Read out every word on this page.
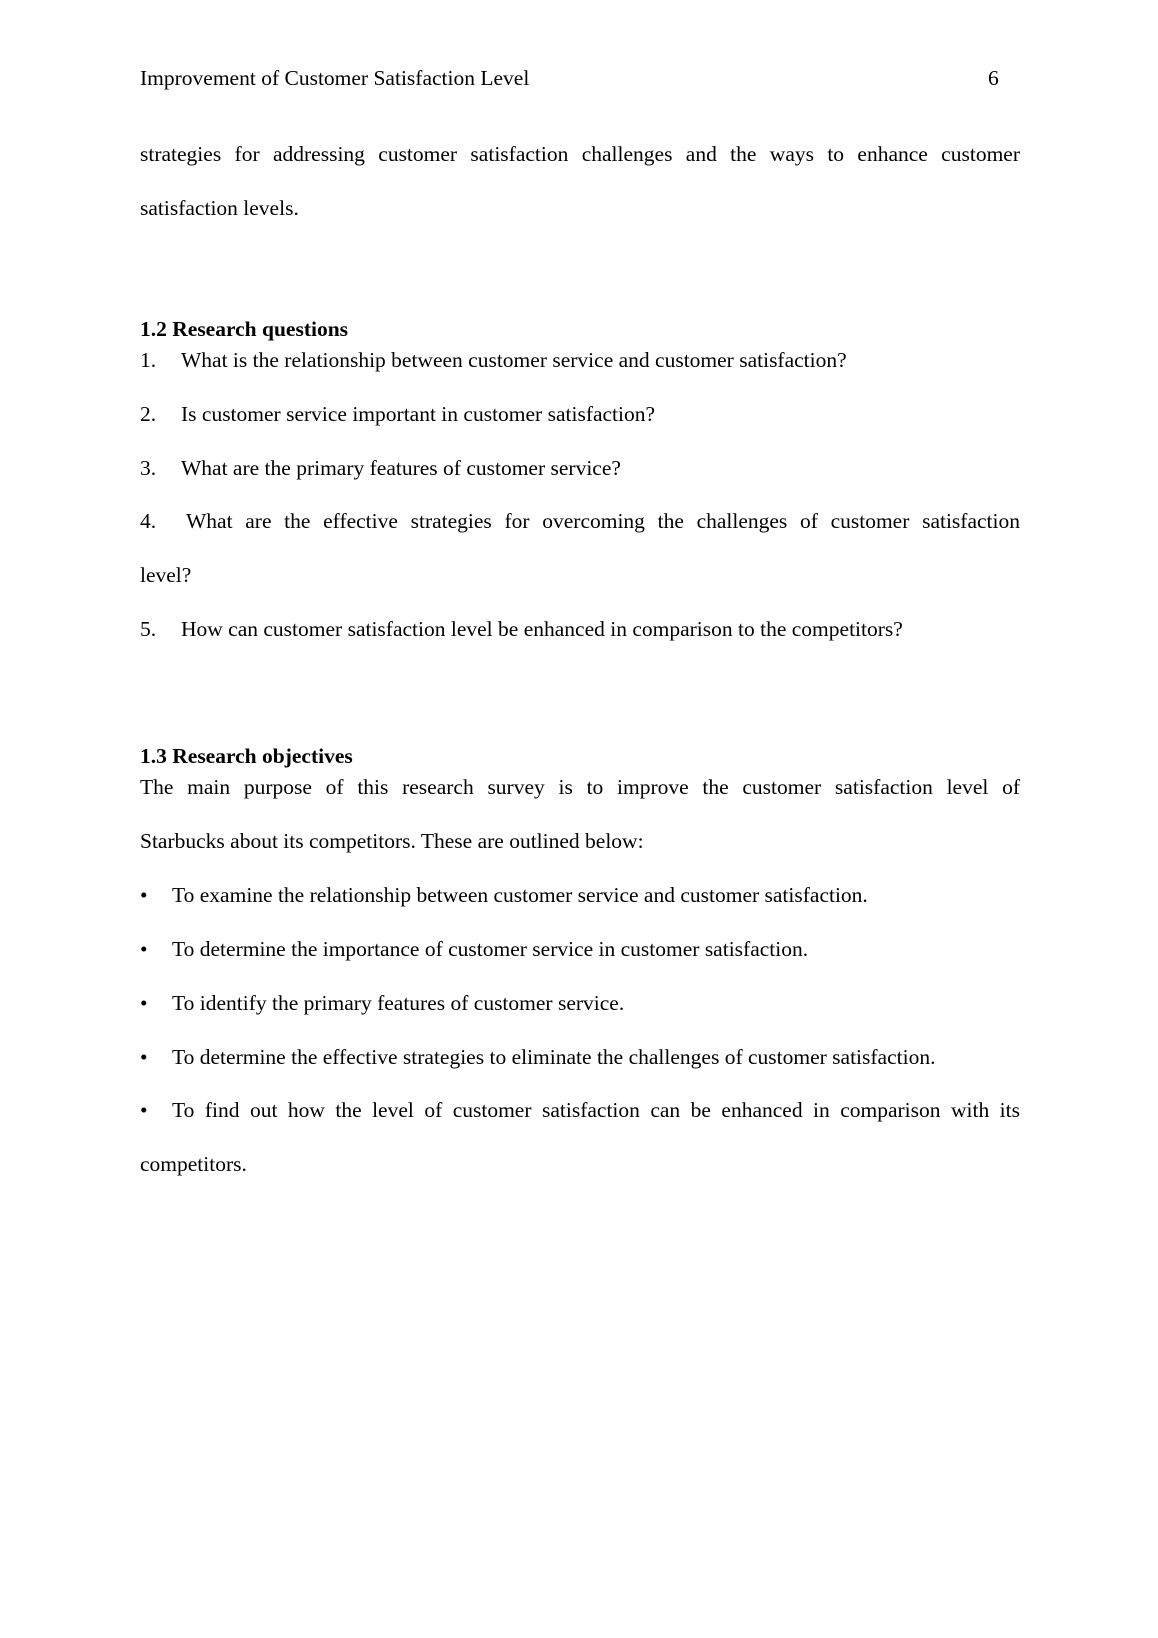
Improvement of Customer Satisfaction Level	6
strategies for addressing customer satisfaction challenges and the ways to enhance customer
satisfaction levels.
1.2 Research questions
1. What is the relationship between customer service and customer satisfaction?
2. Is customer service important in customer satisfaction?
3. What are the primary features of customer service?
4. What are the effective strategies for overcoming the challenges of customer satisfaction
level?
5. How can customer satisfaction level be enhanced in comparison to the competitors?
1.3 Research objectives
The main purpose of this research survey is to improve the customer satisfaction level of
Starbucks about its competitors. These are outlined below:
• To examine the relationship between customer service and customer satisfaction.
• To determine the importance of customer service in customer satisfaction.
• To identify the primary features of customer service.
• To determine the effective strategies to eliminate the challenges of customer satisfaction.
• To find out how the level of customer satisfaction can be enhanced in comparison with its
competitors.
